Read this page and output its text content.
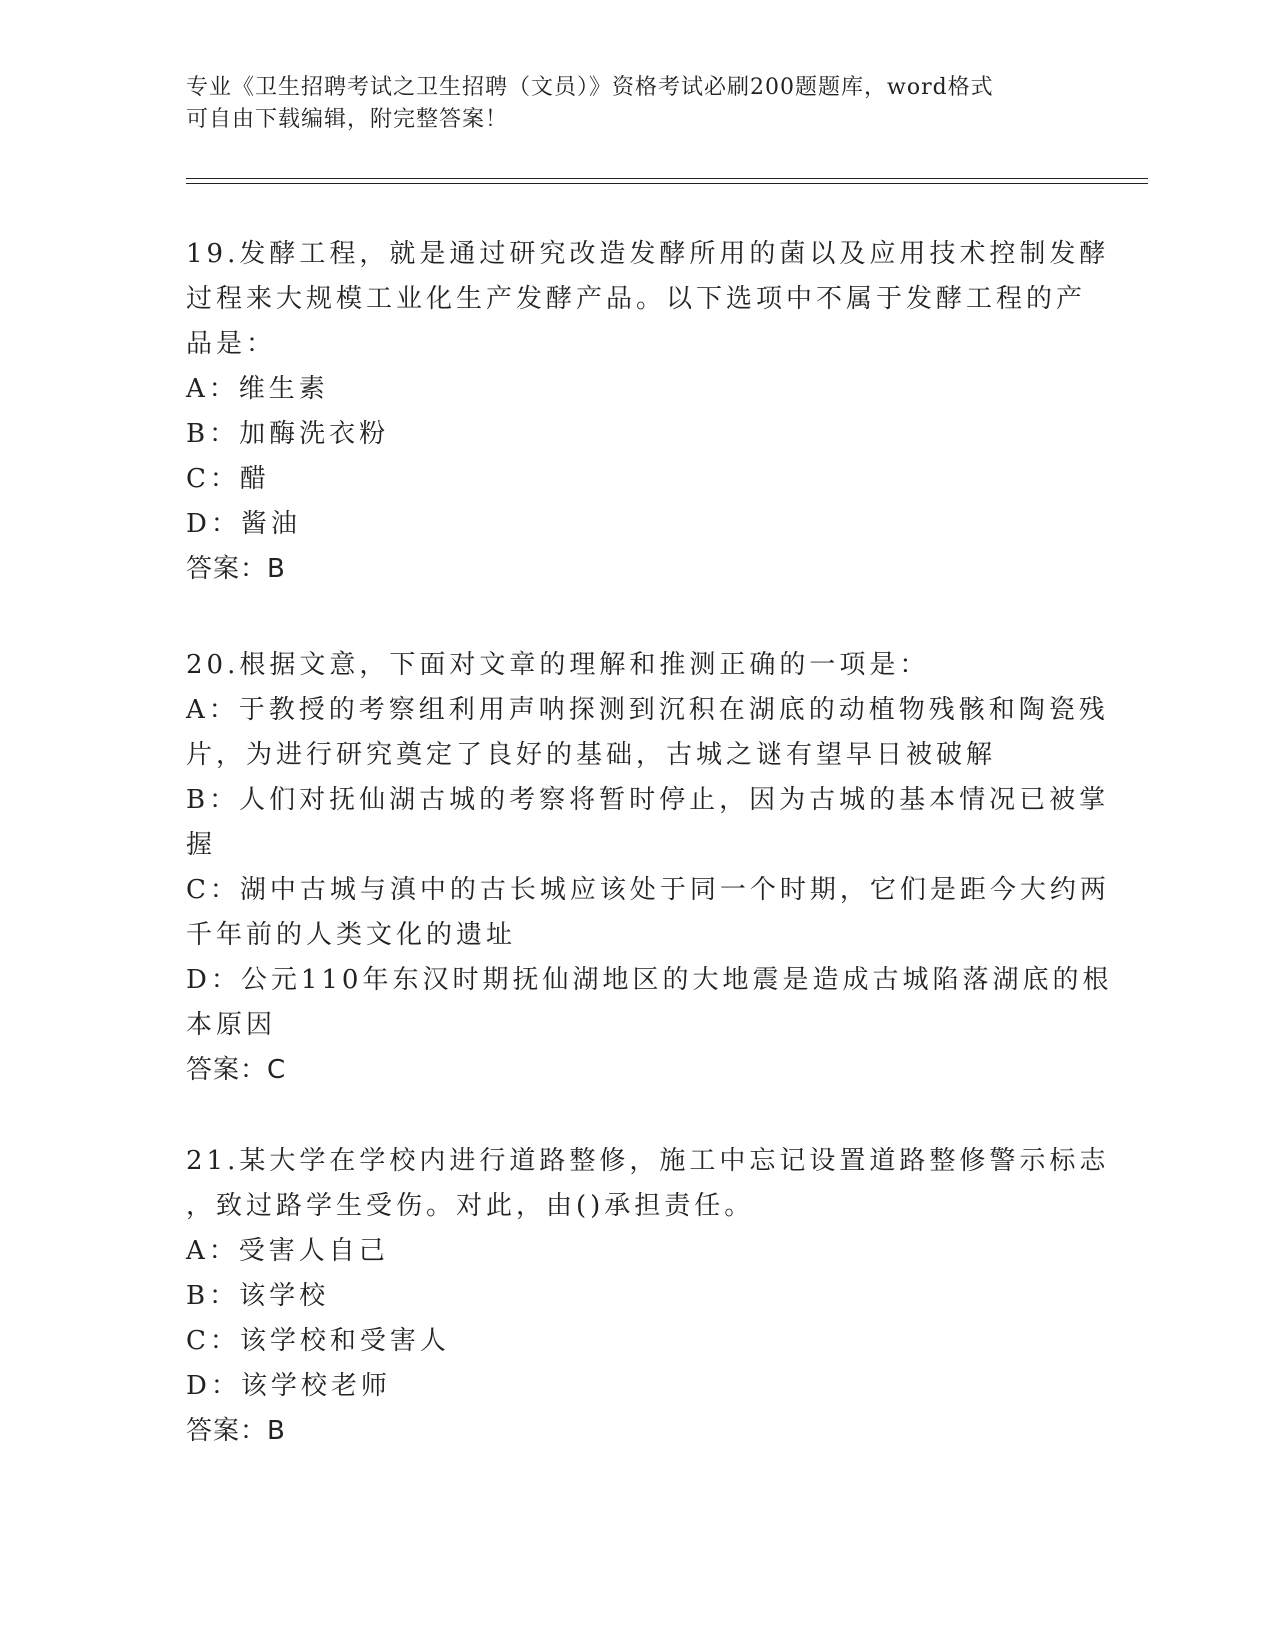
专业《卫生招聘考试之卫生招聘（文员）》资格考试必刷200题题库，word格式
可自由下载编辑，附完整答案！
19.发酵工程，就是通过研究改造发酵所用的菌以及应用技术控制发酵
过程来大规模工业化生产发酵产品。以下选项中不属于发酵工程的产
品是：
A：维生素
B：加酶洗衣粉
C：醋
D：酱油
答案：B
20.根据文意，下面对文章的理解和推测正确的一项是：
A：于教授的考察组利用声呐探测到沉积在湖底的动植物残骸和陶瓷残
片，为进行研究奠定了良好的基础，古城之谜有望早日被破解
B：人们对抚仙湖古城的考察将暂时停止，因为古城的基本情况已被掌
握
C：湖中古城与滇中的古长城应该处于同一个时期，它们是距今大约两
千年前的人类文化的遗址
D：公元110年东汉时期抚仙湖地区的大地震是造成古城陷落湖底的根
本原因
答案：C
21.某大学在学校内进行道路整修，施工中忘记设置道路整修警示标志
，致过路学生受伤。对此，由()承担责任。
A：受害人自己
B：该学校
C：该学校和受害人
D：该学校老师
答案：B
